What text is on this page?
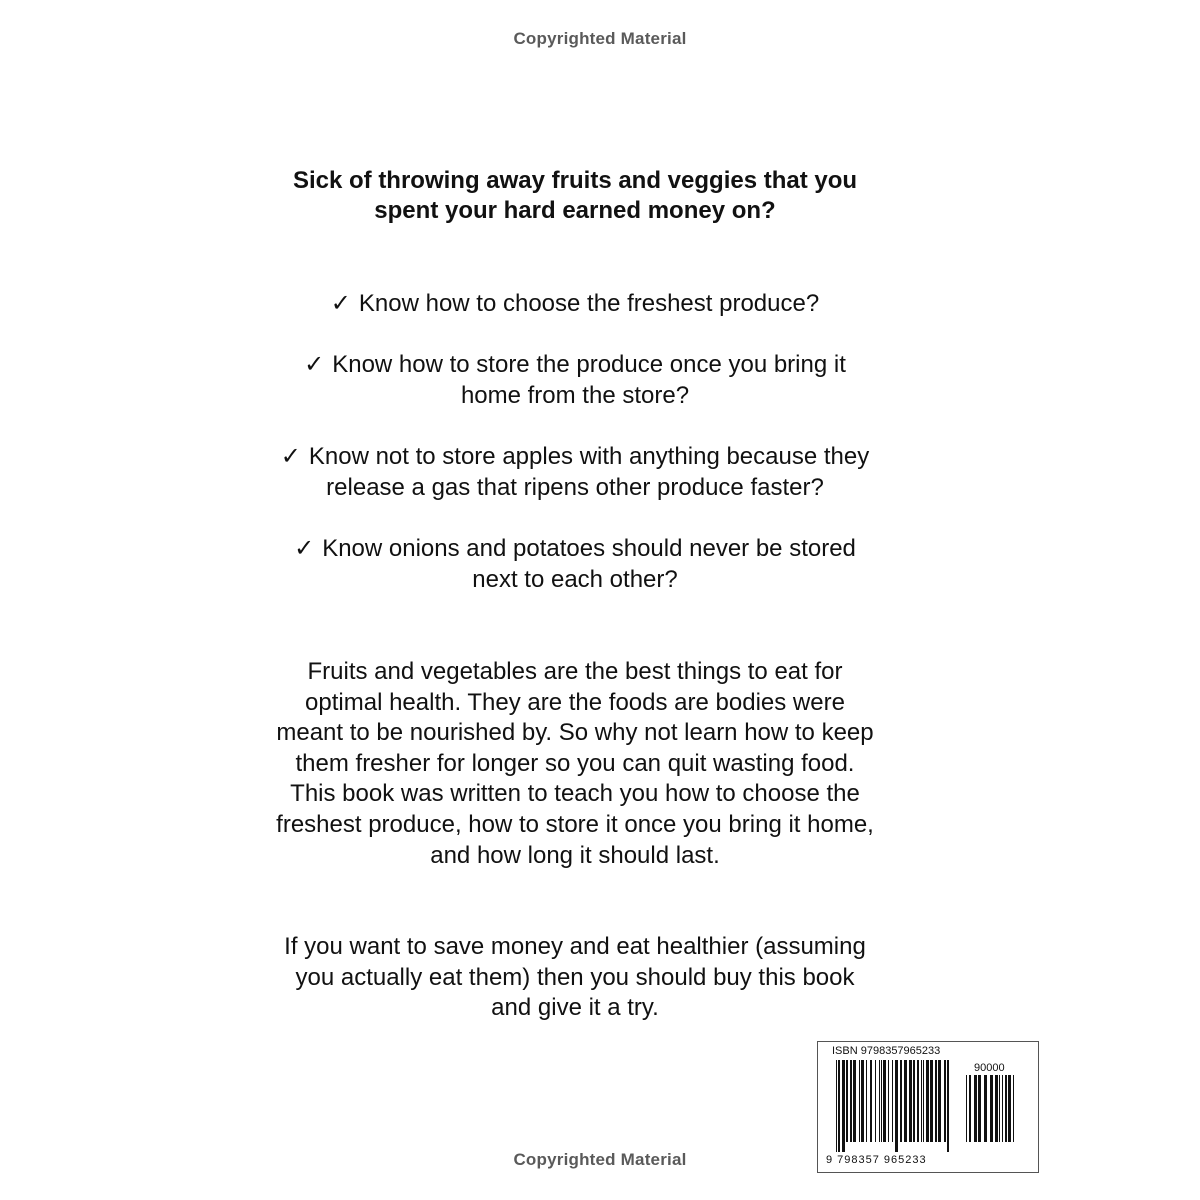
Copyrighted Material
Sick of throwing away fruits and veggies that you spent your hard earned money on?
✓ Know how to choose the freshest produce?
✓ Know how to store the produce once you bring it home from the store?
✓ Know not to store apples with anything because they release a gas that ripens other produce faster?
✓ Know onions and potatoes should never be stored next to each other?
Fruits and vegetables are the best things to eat for optimal health. They are the foods are bodies were meant to be nourished by. So why not learn how to keep them fresher for longer so you can quit wasting food. This book was written to teach you how to choose the freshest produce, how to store it once you bring it home, and how long it should last.
If you want to save money and eat healthier (assuming you actually eat them) then you should buy this book and give it a try.
ISBN 9798357965233
90000
9 798357 965233
Copyrighted Material
